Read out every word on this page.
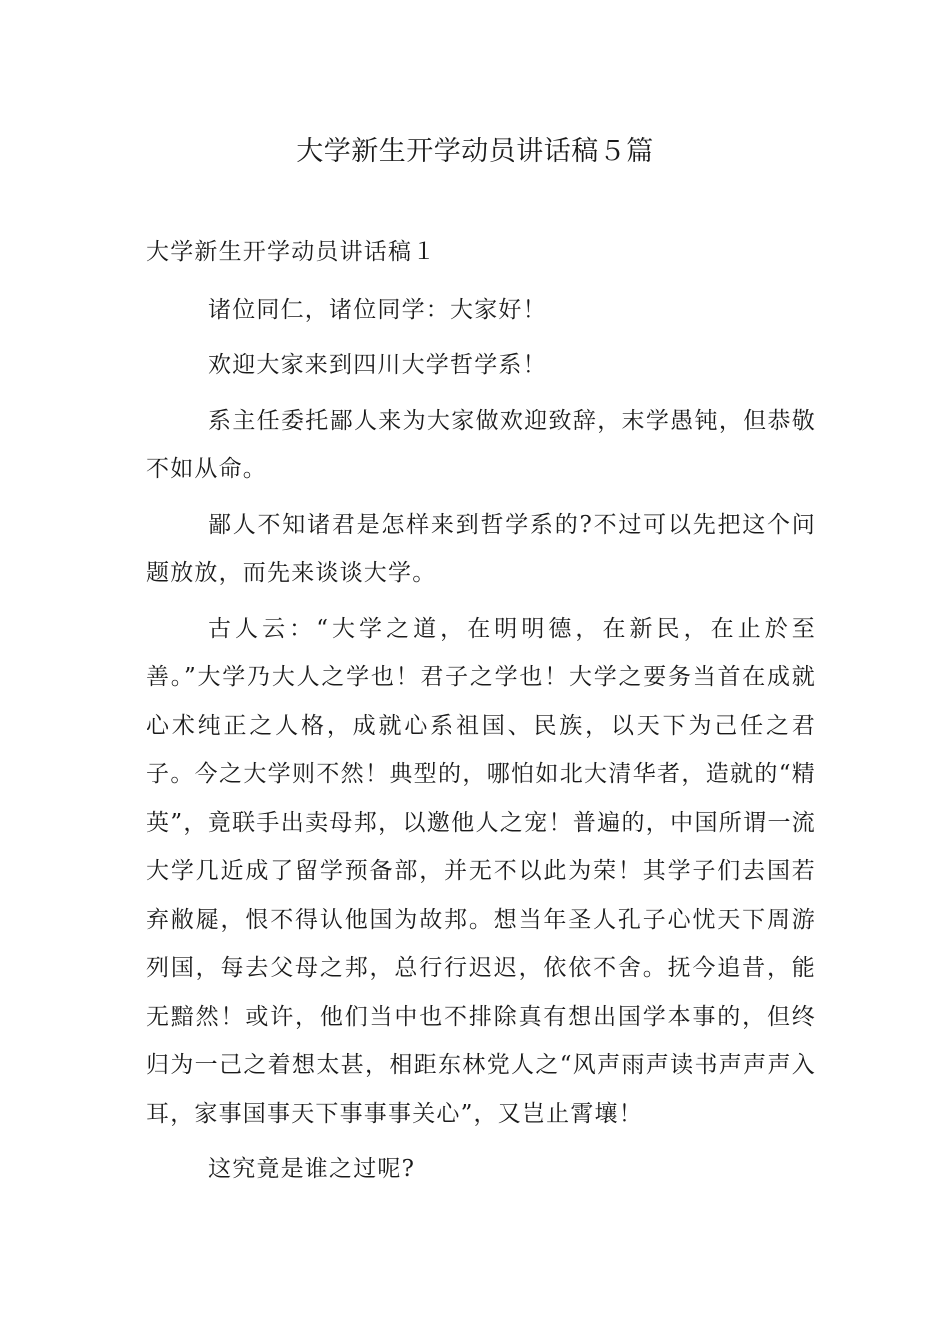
大学新生开学动员讲话稿５篇

大学新生开学动员讲话稿１

诸位同仁，诸位同学：大家好！

欢迎大家来到四川大学哲学系！

系主任委托鄙人来为大家做欢迎致辞，末学愚钝，但恭敬不如从命。

鄙人不知诸君是怎样来到哲学系的?不过可以先把这个问题放放，而先来谈谈大学。

古人云：“大学之道，在明明德，在新民，在止於至善。”大学乃大人之学也！君子之学也！大学之要务当首在成就心术纯正之人格，成就心系祖国、民族，以天下为己任之君子。今之大学则不然！典型的，哪怕如北大清华者，造就的“精英”，竟联手出卖母邦，以邀他人之宠！普遍的，中国所谓一流大学几近成了留学预备部，并无不以此为荣！其学子们去国若弃敝屣，恨不得认他国为故邦。想当年圣人孔子心忧天下周游列国，每去父母之邦，总行行迟迟，依依不舍。抚今追昔，能无黯然！或许，他们当中也不排除真有想出国学本事的，但终归为一己之着想太甚，相距东林党人之“风声雨声读书声声声入耳，家事国事天下事事事关心”，又岂止霄壤！

这究竟是谁之过呢?
